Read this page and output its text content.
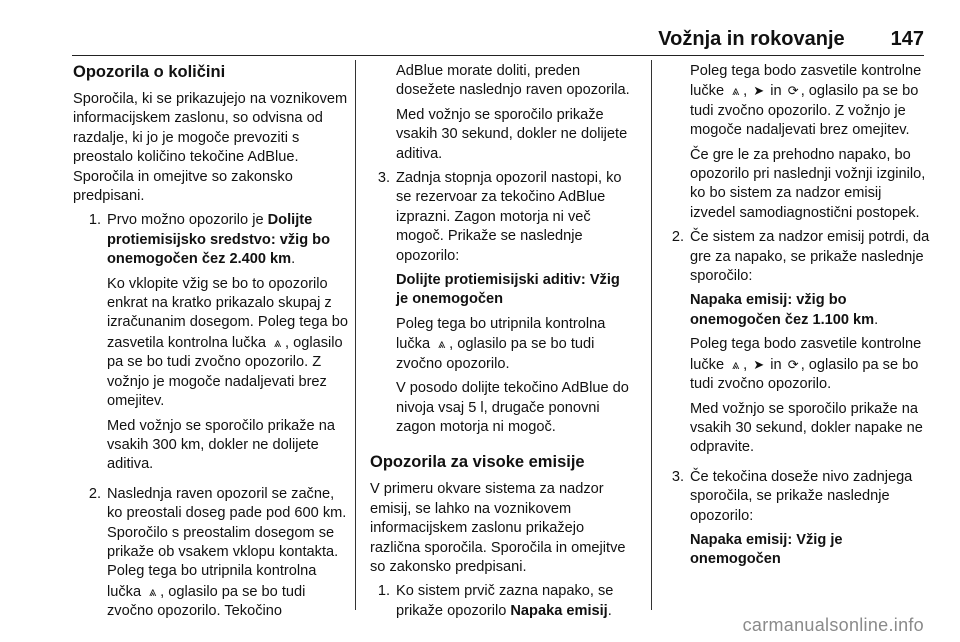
Vožnja in rokovanje 147
Opozorila o količini

Sporočila, ki se prikazujejo na voznikovem informacijskem zaslonu, so odvisna od razdalje, ki jo je mogoče prevoziti s preostalo količino tekočine AdBlue. Sporočila in omejitve so zakonsko predpisani.

1. Prvo možno opozorilo je Dolijte protiemisijsko sredstvo: vžig bo onemogočen čez 2.400 km.

Ko vklopite vžig se bo to opozorilo enkrat na kratko prikazalo skupaj z izračunanim dosegom. Poleg tega bo zasvetila kontrolna lučka ⩓ , oglasilo pa se bo tudi zvočno opozorilo. Z vožnjo je mogoče nadaljevati brez omejitev.

Med vožnjo se sporočilo prikaže na vsakih 300 km, dokler ne dolijete aditiva.

2. Naslednja raven opozoril se začne, ko preostali doseg pade pod 600 km. Sporočilo s preostalim dosegom se prikaže ob vsakem vklopu kontakta. Poleg tega bo utripnila kontrolna lučka ⩓ , oglasilo pa se bo tudi zvočno opozorilo. Tekočino

AdBlue morate doliti, preden dosežete naslednjo raven opozorila.

Med vožnjo se sporočilo prikaže vsakih 30 sekund, dokler ne dolijete aditiva.

3. Zadnja stopnja opozoril nastopi, ko se rezervoar za tekočino AdBlue izprazni. Zagon motorja ni več mogoč. Prikaže se naslednje opozorilo:

Dolijte protiemisijski aditiv: Vžig je onemogočen

Poleg tega bo utripnila kontrolna lučka ⩓ , oglasilo pa se bo tudi zvočno opozorilo.

V posodo dolijte tekočino AdBlue do nivoja vsaj 5 l, drugače ponovni zagon motorja ni mogoč.

Opozorila za visoke emisije

V primeru okvare sistema za nadzor emisij, se lahko na voznikovem informacijskem zaslonu prikažejo različna sporočila. Sporočila in omejitve so zakonsko predpisani.

1. Ko sistem prvič zazna napako, se prikaže opozorilo Napaka emisij.

Poleg tega bodo zasvetile kontrolne lučke ⩓ , ➤ in ⟳ , oglasilo pa se bo tudi zvočno opozorilo. Z vožnjo je mogoče nadaljevati brez omejitev.

Če gre le za prehodno napako, bo opozorilo pri naslednji vožnji izginilo, ko bo sistem za nadzor emisij izvedel samodiagnostični postopek.

2. Če sistem za nadzor emisij potrdi, da gre za napako, se prikaže naslednje sporočilo:

Napaka emisij: vžig bo onemogočen čez 1.100 km.

Poleg tega bodo zasvetile kontrolne lučke ⩓ , ➤ in ⟳ , oglasilo pa se bo tudi zvočno opozorilo.

Med vožnjo se sporočilo prikaže na vsakih 30 sekund, dokler napake ne odpravite.

3. Če tekočina doseže nivo zadnjega sporočila, se prikaže naslednje opozorilo:

Napaka emisij: Vžig je onemogočen

carmanualsonline.info
